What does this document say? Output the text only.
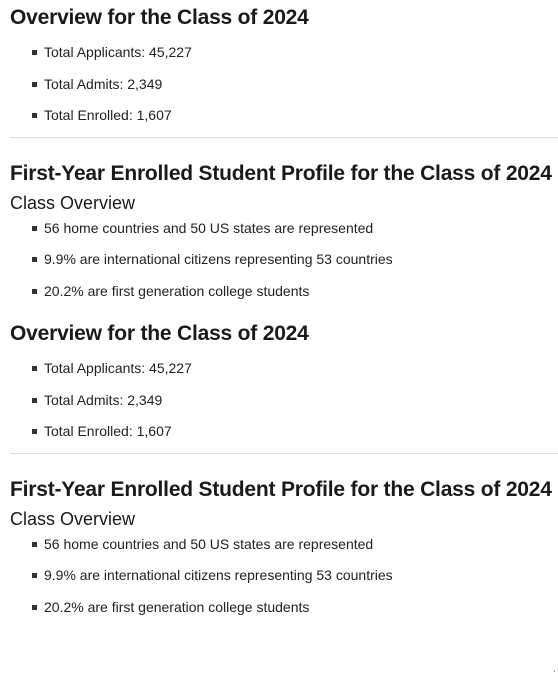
Overview for the Class of 2024
Total Applicants: 45,227
Total Admits: 2,349
Total Enrolled: 1,607
First-Year Enrolled Student Profile for the Class of 2024
Class Overview
56 home countries and 50 US states are represented
9.9% are international citizens representing 53 countries
20.2% are first generation college students
Overview for the Class of 2024
Total Applicants: 45,227
Total Admits: 2,349
Total Enrolled: 1,607
First-Year Enrolled Student Profile for the Class of 2024
Class Overview
56 home countries and 50 US states are represented
9.9% are international citizens representing 53 countries
20.2% are first generation college students
ˌ
